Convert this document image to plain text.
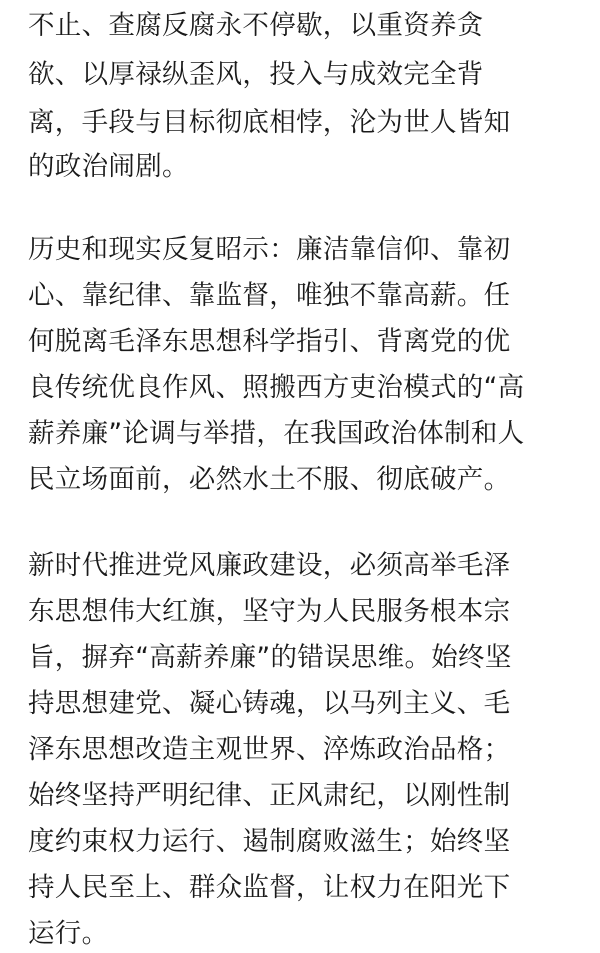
不止、查腐反腐永不停歇，以重资养贪

欲、以厚禄纵歪风，投入与成效完全背

离，手段与目标彻底相悖，沦为世人皆知

的政治闹剧。

历史和现实反复昭示：廉洁靠信仰、靠初

心、靠纪律、靠监督，唯独不靠高薪。任

何脱离毛泽东思想科学指引、背离党的优

良传统优良作风、照搬西方吏治模式的“高

薪养廉”论调与举措，在我国政治体制和人

民立场面前，必然水土不服、彻底破产。

新时代推进党风廉政建设，必须高举毛泽

东思想伟大红旗，坚守为人民服务根本宗

旨，摒弃“高薪养廉”的错误思维。始终坚

持思想建党、凝心铸魂，以马列主义、毛

泽东思想改造主观世界、淬炼政治品格；

始终坚持严明纪律、正风肃纪，以刚性制

度约束权力运行、遏制腐败滋生；始终坚

持人民至上、群众监督，让权力在阳光下

运行。
